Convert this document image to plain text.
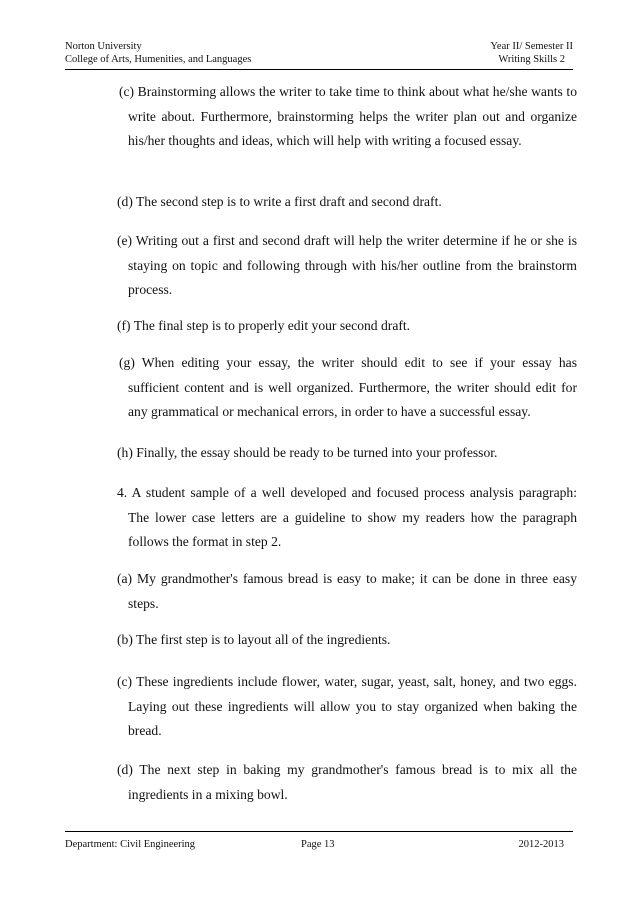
Norton University	Year II/ Semester II
College of Arts, Humenities, and Languages	Writing Skills 2
(c) Brainstorming allows the writer to take time to think about what he/she wants to write about. Furthermore, brainstorming helps the writer plan out and organize his/her thoughts and ideas, which will help with writing a focused essay.
(d) The second step is to write a first draft and second draft.
(e) Writing out a first and second draft will help the writer determine if he or she is staying on topic and following through with his/her outline from the brainstorm process.
(f) The final step is to properly edit your second draft.
(g) When editing your essay, the writer should edit to see if your essay has sufficient content and is well organized. Furthermore, the writer should edit for any grammatical or mechanical errors, in order to have a successful essay.
(h) Finally, the essay should be ready to be turned into your professor.
4. A student sample of a well developed and focused process analysis paragraph: The lower case letters are a guideline to show my readers how the paragraph follows the format in step 2.
(a) My grandmother's famous bread is easy to make; it can be done in three easy steps.
(b) The first step is to layout all of the ingredients.
(c) These ingredients include flower, water, sugar, yeast, salt, honey, and two eggs. Laying out these ingredients will allow you to stay organized when baking the bread.
(d) The next step in baking my grandmother's famous bread is to mix all the ingredients in a mixing bowl.
Department: Civil Engineering	Page 13	2012-2013
